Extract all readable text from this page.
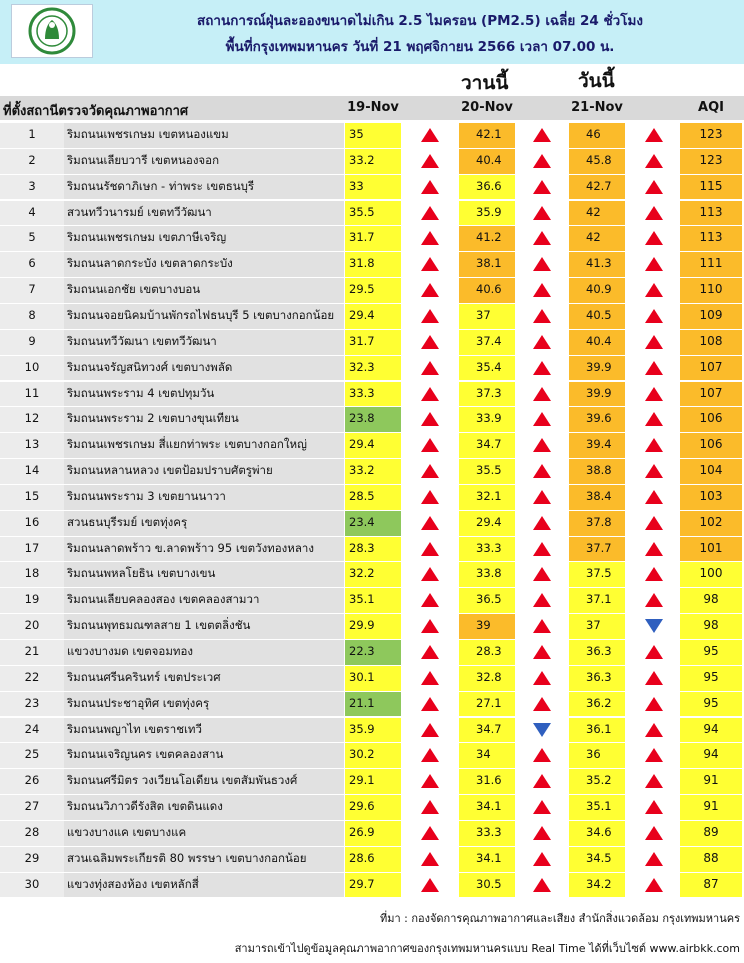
สถานการณ์ฝุ่นละอองขนาดไม่เกิน 2.5 ไมครอน (PM2.5) เฉลี่ย 24 ชั่วโมง
พื้นที่กรุงเทพมหานคร วันที่ 21 พฤศจิกายน 2566 เวลา 07.00 น.
วานนี้	วันนี้
ที่ตั้งสถานีตรวจวัดคุณภาพอากาศ	19-Nov	20-Nov	21-Nov	AQI
1	ริมถนนเพชรเกษม เขตหนองแขม	35	42.1	46	123
2	ริมถนนเลียบวารี เขตหนองจอก	33.2	40.4	45.8	123
3	ริมถนนรัชดาภิเษก - ท่าพระ เขตธนบุรี	33	36.6	42.7	115
4	สวนทวีวนารมย์ เขตทวีวัฒนา	35.5	35.9	42	113
5	ริมถนนเพชรเกษม เขตภาษีเจริญ	31.7	41.2	42	113
6	ริมถนนลาดกระบัง เขตลาดกระบัง	31.8	38.1	41.3	111
7	ริมถนนเอกชัย เขตบางบอน	29.5	40.6	40.9	110
8	ริมถนนจอยนิคมบ้านพักรถไฟธนบุรี 5 เขตบางกอกน้อย	29.4	37	40.5	109
9	ริมถนนทวีวัฒนา เขตทวีวัฒนา	31.7	37.4	40.4	108
10	ริมถนนจรัญสนิทวงศ์ เขตบางพลัด	32.3	35.4	39.9	107
11	ริมถนนพระราม 4 เขตปทุมวัน	33.3	37.3	39.9	107
12	ริมถนนพระราม 2 เขตบางขุนเทียน	23.8	33.9	39.6	106
13	ริมถนนเพชรเกษม สี่แยกท่าพระ เขตบางกอกใหญ่	29.4	34.7	39.4	106
14	ริมถนนหลานหลวง เขตป้อมปราบศัตรูพ่าย	33.2	35.5	38.8	104
15	ริมถนนพระราม 3 เขตยานนาวา	28.5	32.1	38.4	103
16	สวนธนบุรีรมย์ เขตทุ่งครุ	23.4	29.4	37.8	102
17	ริมถนนลาดพร้าว ข.ลาดพร้าว 95 เขตวังทองหลาง	28.3	33.3	37.7	101
18	ริมถนนพหลโยธิน เขตบางเขน	32.2	33.8	37.5	100
19	ริมถนนเลียบคลองสอง เขตคลองสามวา	35.1	36.5	37.1	98
20	ริมถนนพุทธมณฑลสาย 1 เขตตลิ่งชัน	29.9	39	37	98
21	แขวงบางมด เขตจอมทอง	22.3	28.3	36.3	95
22	ริมถนนศรีนครินทร์ เขตประเวศ	30.1	32.8	36.3	95
23	ริมถนนประชาอุทิศ เขตทุ่งครุ	21.1	27.1	36.2	95
24	ริมถนนพญาไท เขตราชเทวี	35.9	34.7	36.1	94
25	ริมถนนเจริญนคร เขตคลองสาน	30.2	34	36	94
26	ริมถนนศรีมิตร วงเวียนโอเดียน เขตสัมพันธวงศ์	29.1	31.6	35.2	91
27	ริมถนนวิภาวดีรังสิต เขตดินแดง	29.6	34.1	35.1	91
28	แขวงบางแค เขตบางแค	26.9	33.3	34.6	89
29	สวนเฉลิมพระเกียรติ 80 พรรษา เขตบางกอกน้อย	28.6	34.1	34.5	88
30	แขวงทุ่งสองห้อง เขตหลักสี่	29.7	30.5	34.2	87
ที่มา : กองจัดการคุณภาพอากาศและเสียง สำนักสิ่งแวดล้อม กรุงเทพมหานคร
สามารถเข้าไปดูข้อมูลคุณภาพอากาศของกรุงเทพมหานครแบบ Real Time ได้ที่เว็บไซต์ www.airbkk.com
